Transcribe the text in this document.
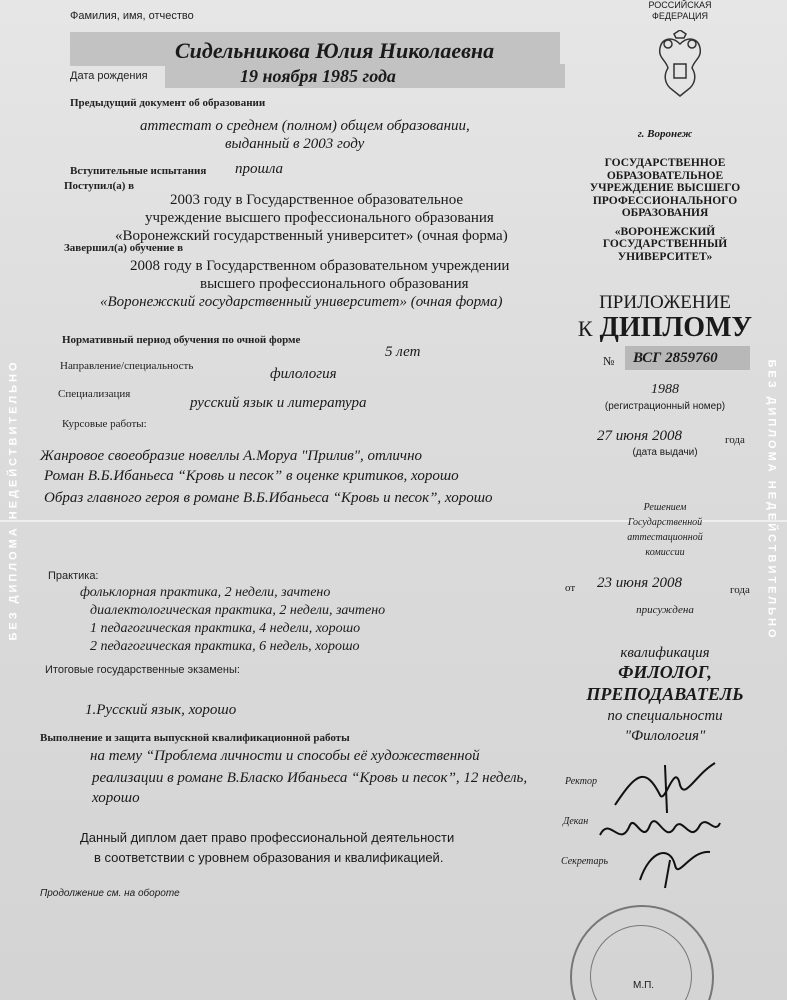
БЕЗ ДИПЛОМА НЕДЕЙСТВИТЕЛЬНО	БЕЗ ДИПЛОМА НЕДЕЙСТВИТЕЛЬНО
Фамилия, имя, отчество
Сидельникова Юлия Николаевна
Дата рождения	19 ноября 1985 года
РОССИЙСКАЯ
ФЕДЕРАЦИЯ
Предыдущий документ об образовании
аттестат о среднем (полном) общем образовании,
выданный в 2003 году
Вступительные испытания прошла
Поступил(а) в
2003 году в Государственное образовательное
учреждение высшего профессионального образования
«Воронежский государственный университет» (очная форма)
Завершил(а) обучение в
2008 году в Государственном образовательном учреждении
высшего профессионального образования
«Воронежский государственный университет» (очная форма)
Нормативный период обучения по очной форме
5 лет
Направление/специальность	филология
Специализация
русский язык и литература
Курсовые работы:
Жанровое своеобразие новеллы А.Моруа "Прилив", отлично
Роман В.Б.Ибаньеса “Кровь и песок” в оценке критиков, хорошо
Образ главного героя в романе В.Б.Ибаньеса “Кровь и песок”, хорошо
Практика:
фольклорная практика, 2 недели, зачтено
диалектологическая практика, 2 недели, зачтено
1 педагогическая практика, 4 недели, хорошо
2 педагогическая практика, 6 недель, хорошо
Итоговые государственные экзамены:
1.Русский язык, хорошо
Выполнение и защита выпускной квалификационной работы
на тему “Проблема личности и способы её художественной
реализации в романе В.Бласко Ибаньеса “Кровь и песок”, 12 недель,
хорошо
Данный диплом дает право профессиональной деятельности
в соответствии с уровнем образования и квалификацией.
Продолжение см. на обороте
г. Воронеж
ГОСУДАРСТВЕННОЕ
ОБРАЗОВАТЕЛЬНОЕ
УЧРЕЖДЕНИЕ ВЫСШЕГО
ПРОФЕССИОНАЛЬНОГО
ОБРАЗОВАНИЯ
«ВОРОНЕЖСКИЙ
ГОСУДАРСТВЕННЫЙ
УНИВЕРСИТЕТ»
ПРИЛОЖЕНИЕ
К ДИПЛОМУ
№ ВСГ 2859760
1988
(регистрационный номер)
27 июня 2008	года
(дата выдачи)
Решением
Государственной
аттестационной
комиссии
от 23 июня 2008	года
присуждена
квалификация
ФИЛОЛОГ,
ПРЕПОДАВАТЕЛЬ
по специальности
"Филология"
Ректор
Декан
Секретарь
М.П.
